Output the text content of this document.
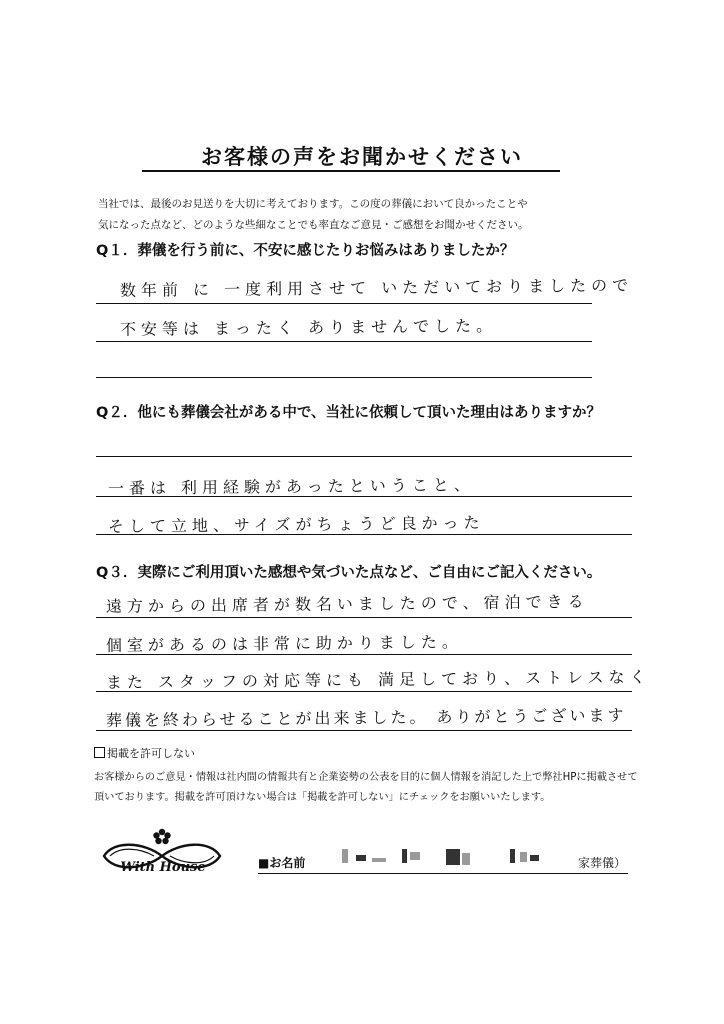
お客様の声をお聞かせください
当社では、最後のお見送りを大切に考えております。この度の葬儀において良かったことや
気になった点など、どのような些細なことでも率直なご意見・ご感想をお聞かせください。
Q１．葬儀を行う前に、不安に感じたりお悩みはありましたか？
数年前 に 一度利用させて いただいておりましたので
不安等は まったく ありませんでした。
Q２．他にも葬儀会社がある中で、当社に依頼して頂いた理由はありますか？
一番は 利用経験があったということ、
そして立地、サイズがちょうど良かった
Q３．実際にご利用頂いた感想や気づいた点など、ご自由にご記入ください。
遠方からの出席者が数名いましたので、宿泊できる
個室があるのは非常に助かりました。
また スタッフの対応等にも 満足しており、ストレスなく
葬儀を終わらせることが出来ました。 ありがとうございます
掲載を許可しない
お客様からのご意見・情報は社内間の情報共有と企業姿勢の公表を目的に個人情報を消記した上で弊社HPに掲載させて
頂いております。掲載を許可頂けない場合は「掲載を許可しない」にチェックをお願いいたします。
With House	■お名前	家葬儀）
